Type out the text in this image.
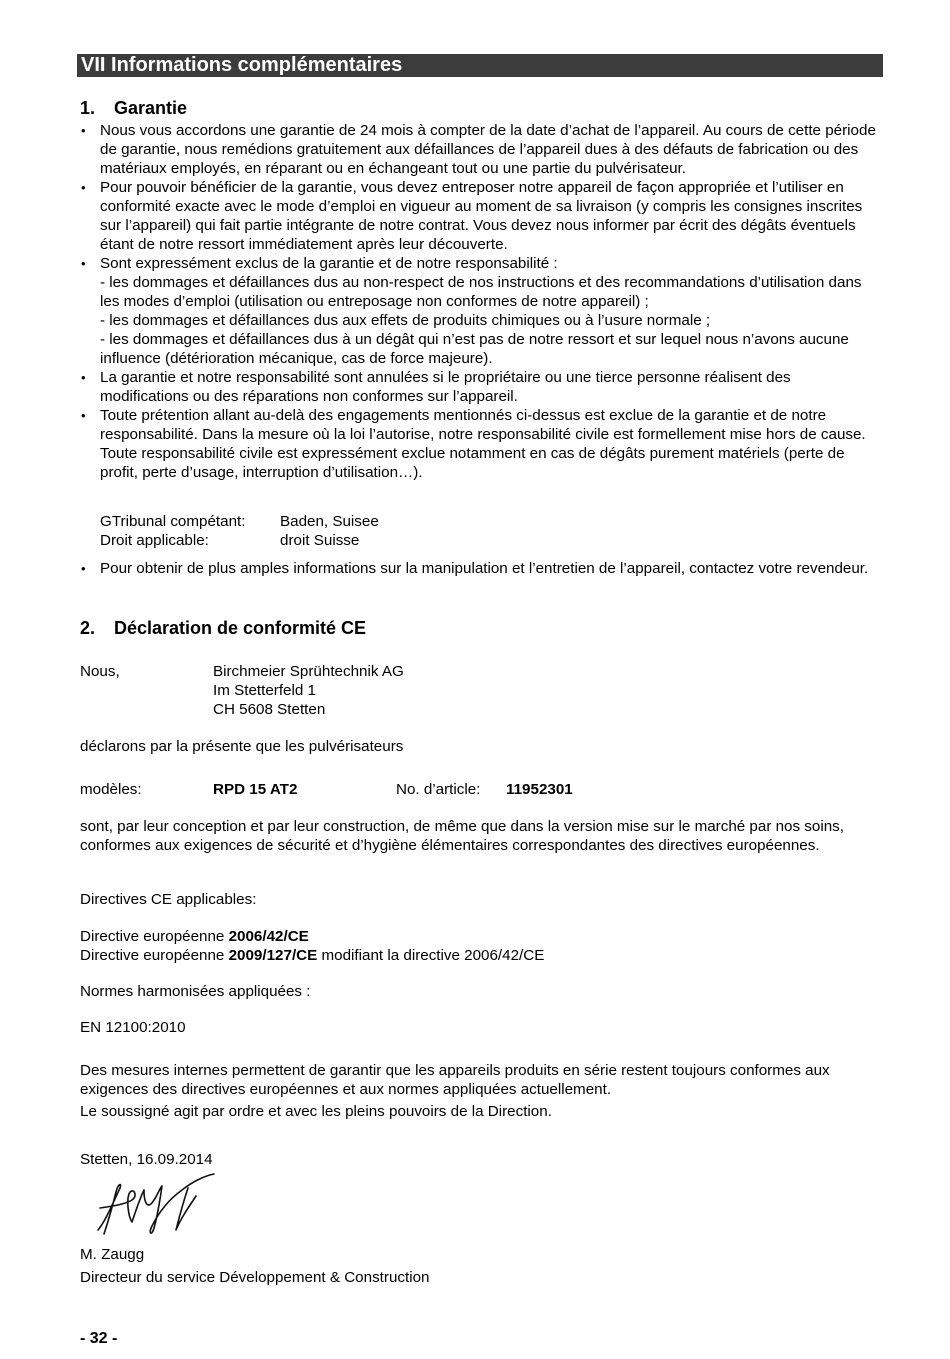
VII Informations complémentaires
1. Garantie
• Nous vous accordons une garantie de 24 mois à compter de la date d’achat de l’appareil. Au cours de cette période de garantie, nous remédions gratuitement aux défaillances de l’appareil dues à des défauts de fabrication ou des matériaux employés, en réparant ou en échangeant tout ou une partie du pulvérisateur.
• Pour pouvoir bénéficier de la garantie, vous devez entreposer notre appareil de façon appropriée et l’utiliser en conformité exacte avec le mode d’emploi en vigueur au moment de sa livraison (y compris les consignes inscrites sur l’appareil) qui fait partie intégrante de notre contrat. Vous devez nous informer par écrit des dégâts éventuels étant de notre ressort immédiatement après leur découverte.
• Sont expressément exclus de la garantie et de notre responsabilité :
- les dommages et défaillances dus au non-respect de nos instructions et des recommandations d’utilisation dans les modes d’emploi (utilisation ou entreposage non conformes de notre appareil) ;
- les dommages et défaillances dus aux effets de produits chimiques ou à l’usure normale ;
- les dommages et défaillances dus à un dégât qui n’est pas de notre ressort et sur lequel nous n’avons aucune influence (détérioration mécanique, cas de force majeure).
• La garantie et notre responsabilité sont annulées si le propriétaire ou une tierce personne réalisent des modifications ou des réparations non conformes sur l’appareil.
• Toute prétention allant au-delà des engagements mentionnés ci-dessus est exclue de la garantie et de notre responsabilité. Dans la mesure où la loi l’autorise, notre responsabilité civile est formellement mise hors de cause. Toute responsabilité civile est expressément exclue notamment en cas de dégâts purement matériels (perte de profit, perte d’usage, interruption d’utilisation…).
GTribunal compétant:	Baden, Suisee
Droit applicable:	droit Suisse
• Pour obtenir de plus amples informations sur la manipulation et l’entretien de l’appareil, contactez votre revendeur.
2. Déclaration de conformité CE
Nous,	Birchmeier Sprühtechnik AG
Im Stetterfeld 1
CH 5608 Stetten
déclarons par la présente que les pulvérisateurs
modèles:	RPD 15 AT2	No. d’article: 11952301
sont, par leur conception et par leur construction, de même que dans la version mise sur le marché par nos soins, conformes aux exigences de sécurité et d’hygiène élémentaires correspondantes des directives européennes.
Directives CE applicables:
Directive européenne 2006/42/CE
Directive européenne 2009/127/CE modifiant la directive 2006/42/CE
Normes harmonisées appliquées :
EN 12100:2010
Des mesures internes permettent de garantir que les appareils produits en série restent toujours conformes aux exigences des directives européennes et aux normes appliquées actuellement.
Le soussigné agit par ordre et avec les pleins pouvoirs de la Direction.
Stetten, 16.09.2014
M. Zaugg
Directeur du service Développement & Construction
- 32 -
